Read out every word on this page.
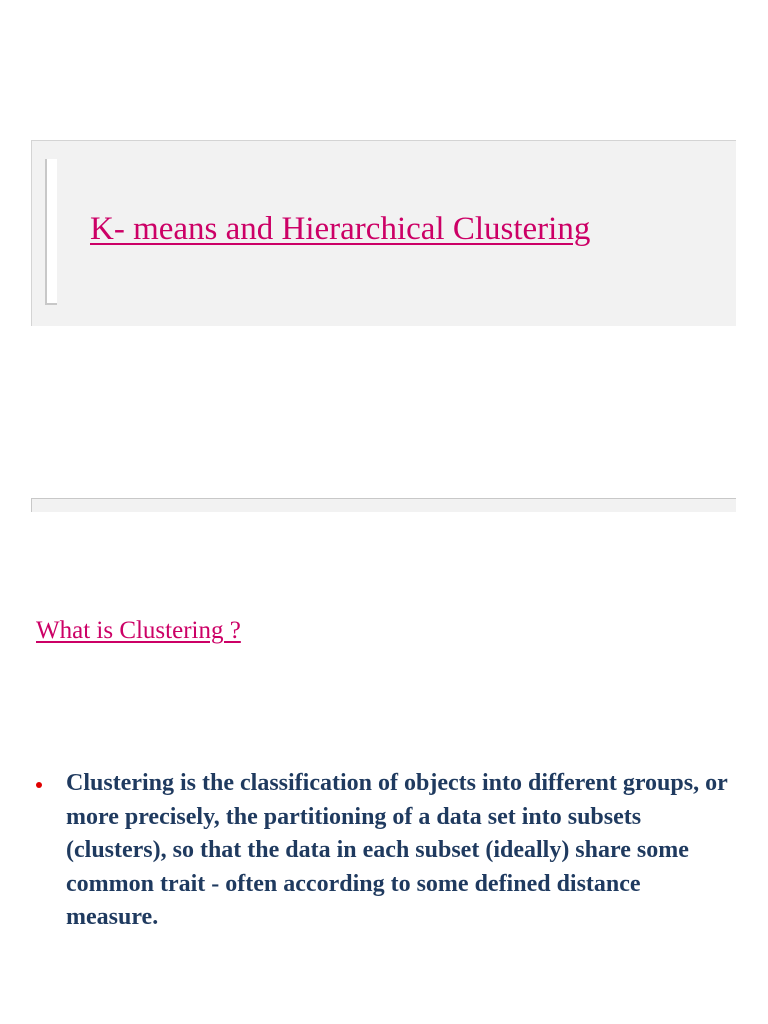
K- means and Hierarchical Clustering
What is Clustering ?
Clustering is the classification of objects into different groups, or more precisely, the partitioning of a data set into subsets (clusters), so that the data in each subset (ideally) share some common trait - often according to some defined distance measure.
